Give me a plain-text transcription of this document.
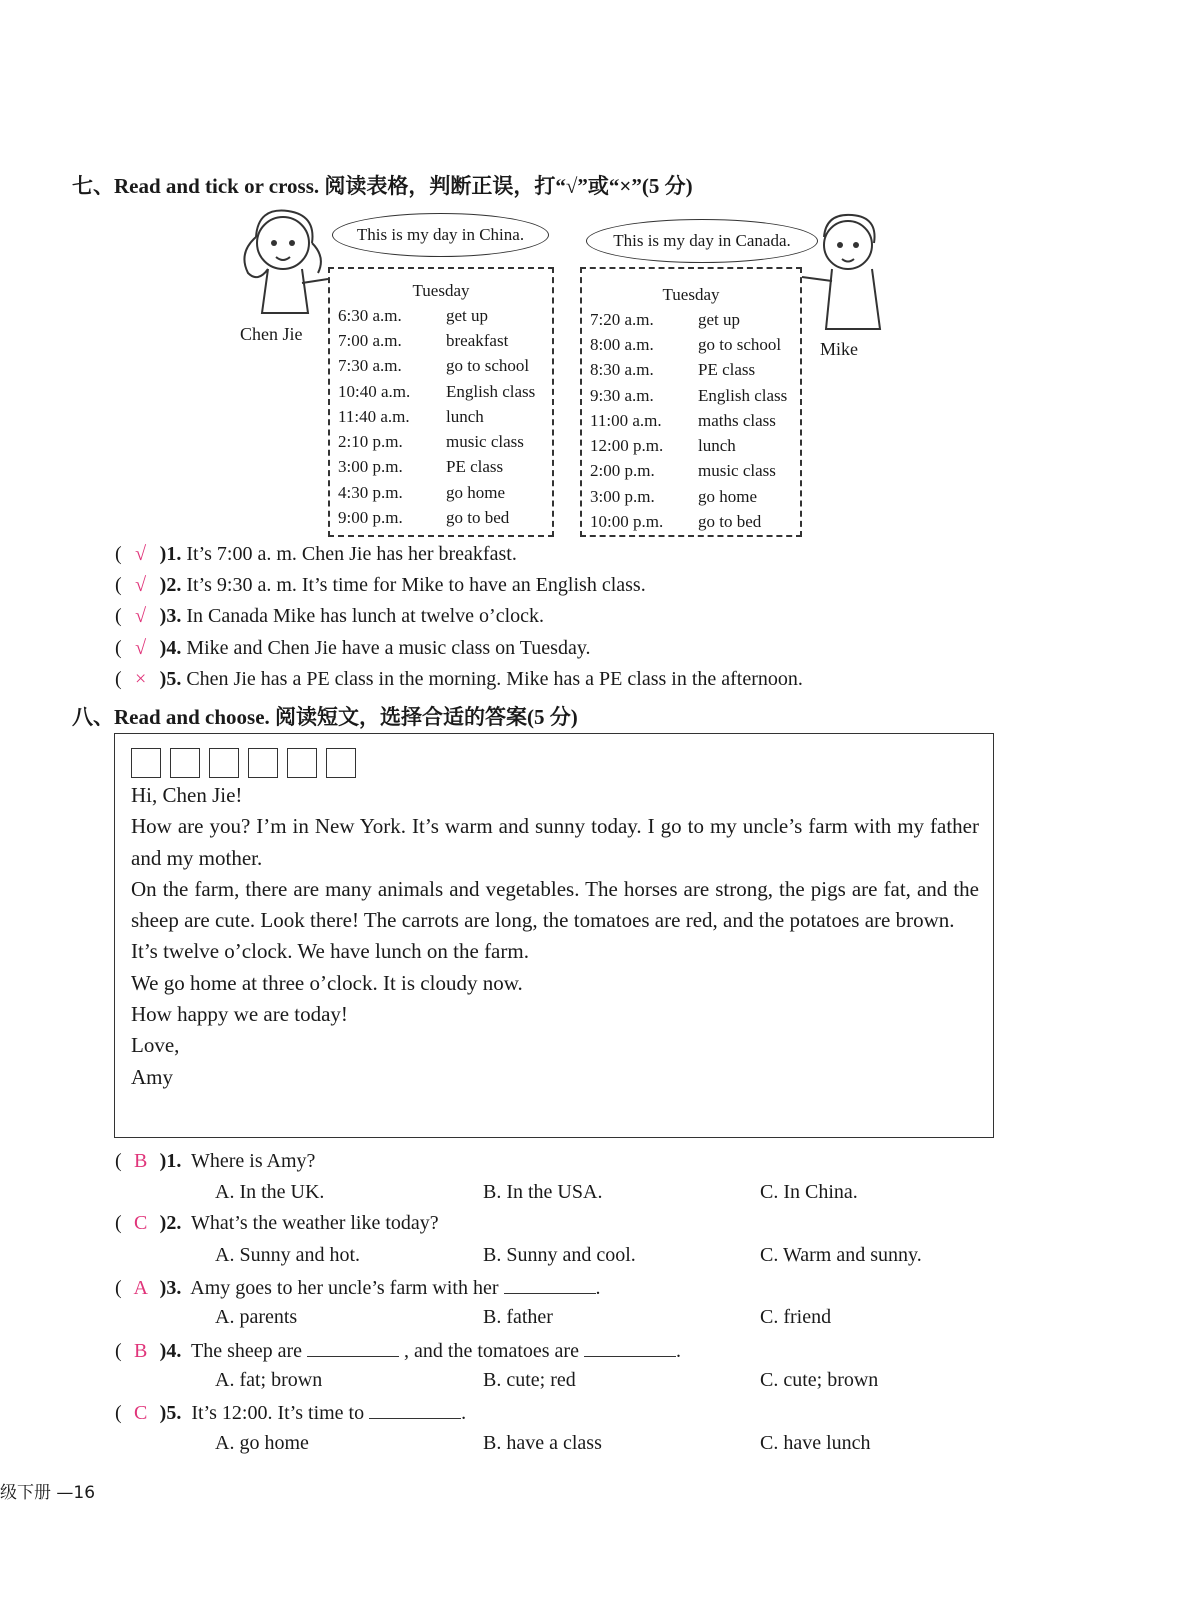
七、Read and tick or cross. 阅读表格，判断正误，打“√”或“×”(5 分)
Chen Jie
This is my day in China.	This is my day in Canada.
Tuesday
6:30 a.m.	get up
7:00 a.m.	breakfast
7:30 a.m.	go to school
10:40 a.m.	English class
11:40 a.m.	lunch
2:10 p.m.	music class
3:00 p.m.	PE class
4:30 p.m.	go home
9:00 p.m.	go to bed
Tuesday
7:20 a.m.	get up
8:00 a.m.	go to school
8:30 a.m.	PE class
9:30 a.m.	English class
11:00 a.m.	maths class
12:00 p.m.	lunch
2:00 p.m.	music class
3:00 p.m.	go home
10:00 p.m.	go to bed
Mike
( √ )1. It’s 7:00 a. m. Chen Jie has her breakfast.
( √ )2. It’s 9:30 a. m. It’s time for Mike to have an English class.
( √ )3. In Canada Mike has lunch at twelve o’clock.
( √ )4. Mike and Chen Jie have a music class on Tuesday.
( × )5. Chen Jie has a PE class in the morning. Mike has a PE class in the afternoon.
八、Read and choose. 阅读短文，选择合适的答案(5 分)

Hi, Chen Jie!

How are you? I’m in New York. It’s warm and sunny today. I go to my uncle’s farm with my father and my mother.

On the farm, there are many animals and vegetables. The horses are strong, the pigs are fat, and the sheep are cute. Look there! The carrots are long, the tomatoes are red, and the potatoes are brown.

It’s twelve o’clock. We have lunch on the farm.

We go home at three o’clock. It is cloudy now.

How happy we are today!

Love,

Amy

( B )1. Where is Amy?
A. In the UK.	B. In the USA.	C. In China.
( C )2. What’s the weather like today?
A. Sunny and hot.	B. Sunny and cool.	C. Warm and sunny.
( A )3. Amy goes to her uncle’s farm with her	.
A. parents	B. father	C. friend
( B )4. The sheep are	, and the tomatoes are	.
A. fat; brown	B. cute; red	C. cute; brown
( C )5. It’s 12:00. It’s time to	.
A. go home	B. have a class	C. have lunch
级下册 —16
